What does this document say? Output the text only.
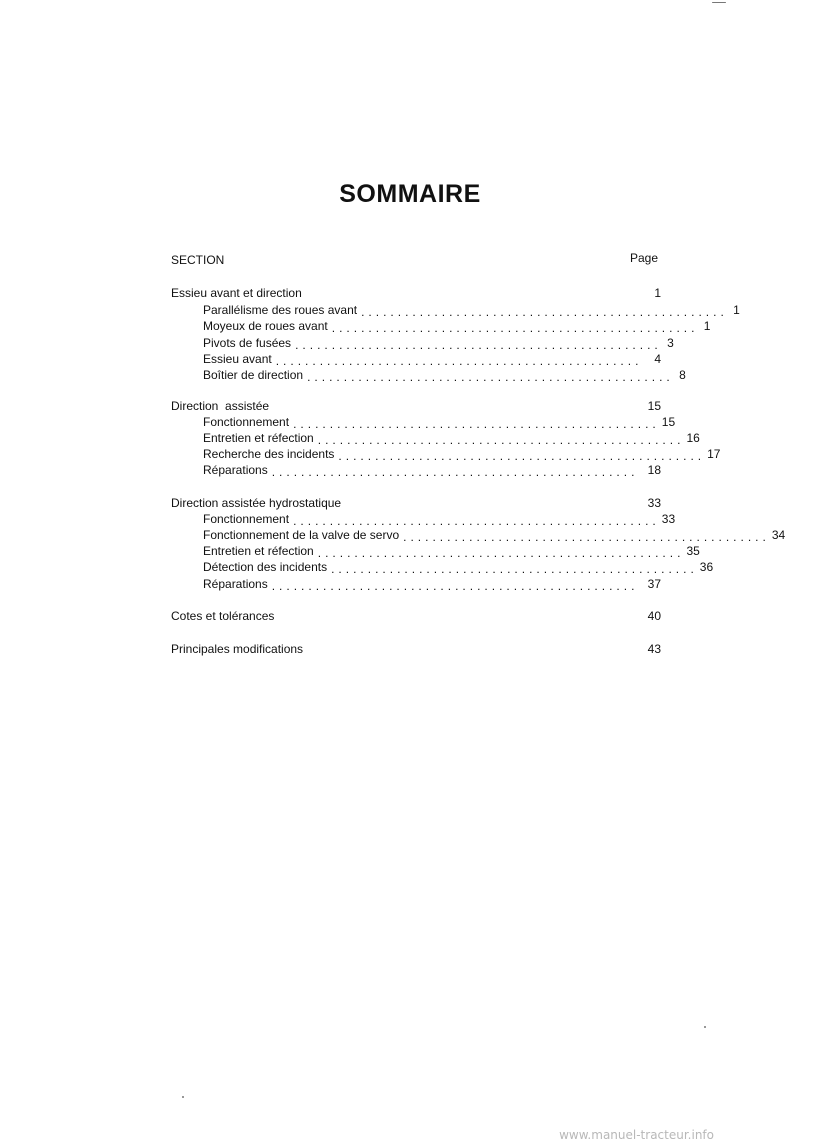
SOMMAIRE
SECTION	Page
Essieu avant et direction	1
Parallélisme des roues avant .................................................. 1
Moyeux de roues avant .................................................. 1
Pivots de fusées .................................................. 3
Essieu avant .................................................. 4
Boîtier de direction .................................................. 8
Direction  assistée	15
Fonctionnement .................................................. 15
Entretien et réfection .................................................. 16
Recherche des incidents .................................................. 17
Réparations .................................................. 18
Direction assistée hydrostatique	33
Fonctionnement .................................................. 33
Fonctionnement de la valve de servo .................................................. 34
Entretien et réfection .................................................. 35
Détection des incidents .................................................. 36
Réparations .................................................. 37
Cotes et tolérances	40
Principales modifications	43
www.manuel-tracteur.info
